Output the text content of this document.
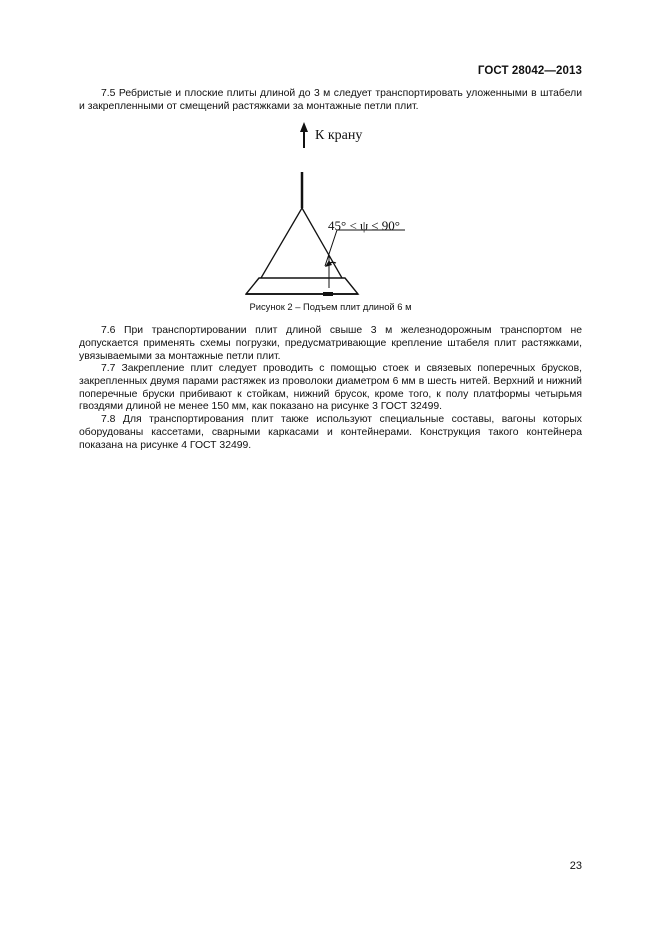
ГОСТ 28042—2013

7.5 Ребристые и плоские плиты длиной до 3 м следует транспортировать уложенными в штабели и закрепленными от смещений растяжками за монтажные петли плит.

К крану
45° < ψ ≤ 90°
Рисунок 2 – Подъем плит длиной 6 м

7.6 При транспортировании плит длиной свыше 3 м железнодорожным транспортом не допускается применять схемы погрузки, предусматривающие крепление штабеля плит растяжками, увязываемыми за монтажные петли плит.

7.7 Закрепление плит следует проводить с помощью стоек и связевых поперечных брусков, закрепленных двумя парами растяжек из проволоки диаметром 6 мм в шесть нитей. Верхний и нижний поперечные бруски прибивают к стойкам, нижний брусок, кроме того, к полу платформы четырьмя гвоздями длиной не менее 150 мм, как показано на рисунке 3 ГОСТ 32499.

7.8 Для транспортирования плит также используют специальные составы, вагоны которых оборудованы кассетами, сварными каркасами и контейнерами. Конструкция такого контейнера показана на рисунке 4 ГОСТ 32499.

23
